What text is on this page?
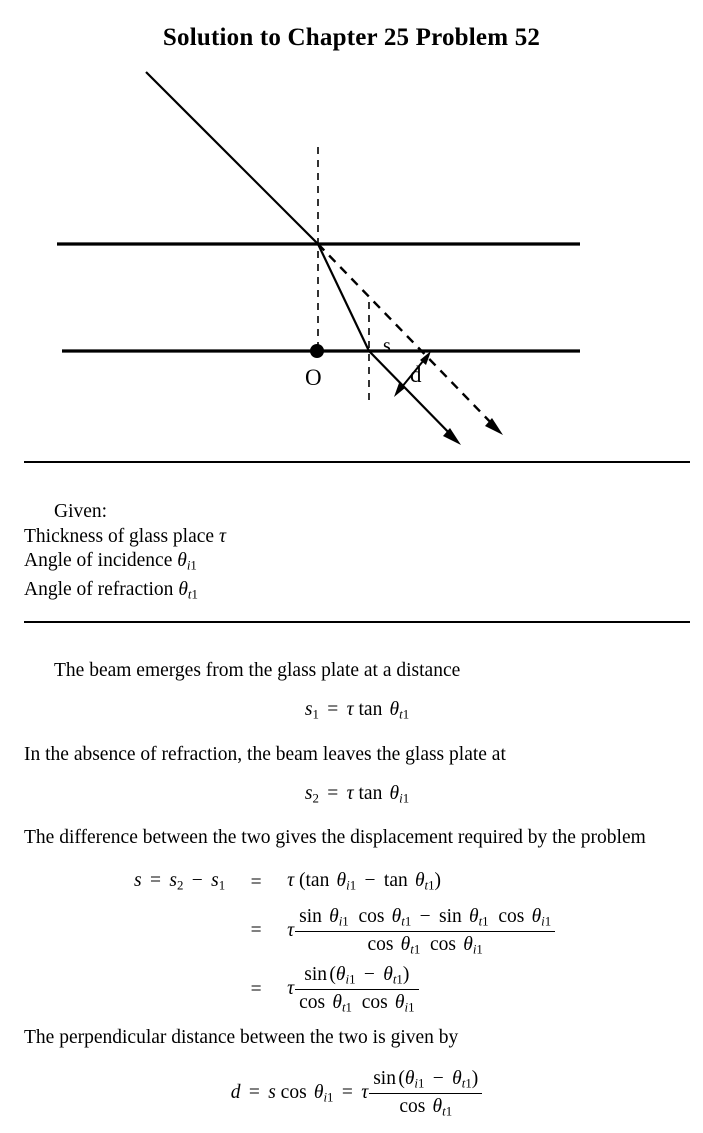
Solution to Chapter 25 Problem 52
s
d
O
Given:
Thickness of glass place τ
Angle of incidence $\theta_{i1}$
Angle of refraction $\theta_{t1}$

The beam emerges from the glass plate at a distance

$s_1 = \tau$ $\tan \theta_{t1}$

In the absence of refraction, the beam leaves the glass plate at

$s_2 = \tau$ $\tan \theta_{i1}$

The difference between the two gives the displacement required by the problem

$s = s_2 - s_1$	=	τ (tan $\theta_{i1} - \tan \theta_{t1}$)
	=	τ
$\sin \theta_{i1}$  $\cos \theta_{t1} - \sin \theta_{t1}$  $\cos \theta_{i1}$
$\cos \theta_{t1}$  $\cos \theta_{i1}$

	=	τ
$\sin (\theta_{i1} - \theta_{t1})$
$\cos \theta_{t1}$  $\cos \theta_{i1}$

The perpendicular distance between the two is given by

d = s $\cos \theta_{i1} = \tau \frac{\sin (\theta_{i1} - \theta_{t1})}{\cos \theta_{t1}}$
